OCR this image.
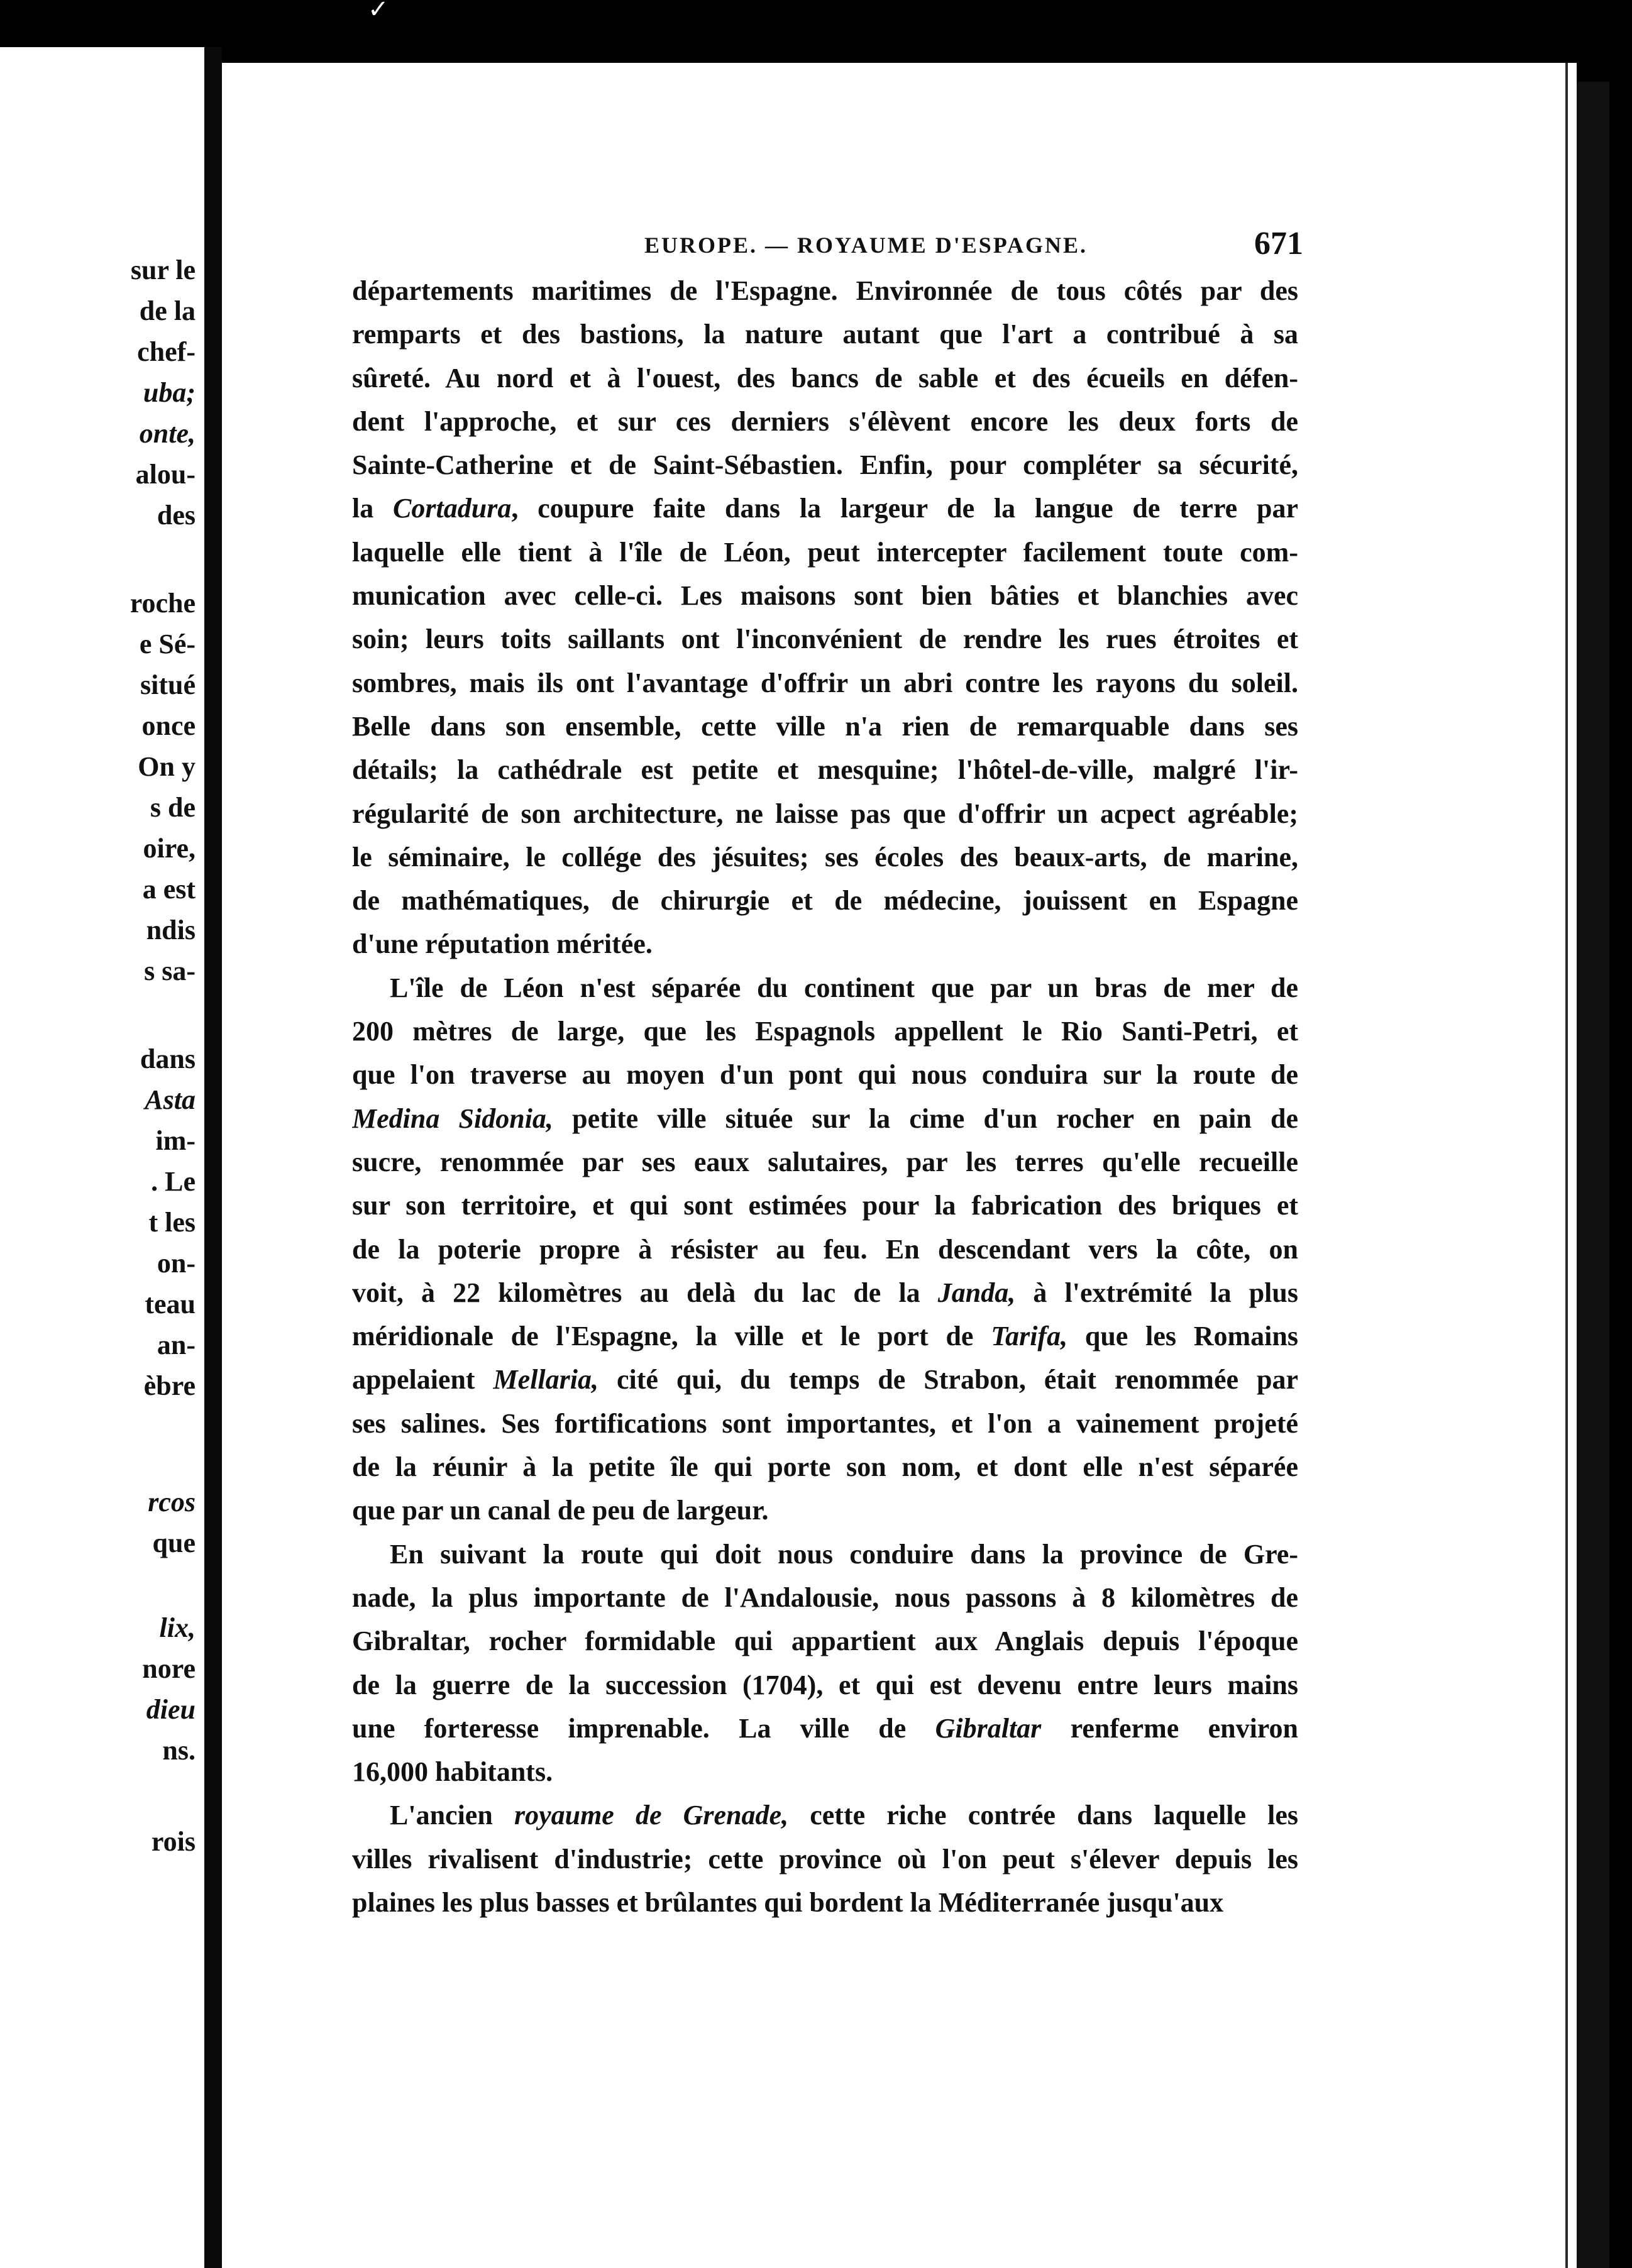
✓
sur le
de la
chef-
uba;
onte,
alou-
des
roche
e Sé-
situé
once
On y
s de
oire,
a est
ndis
s sa-
dans
Asta
im-
. Le
t les
on-
teau
an-
èbre
rcos
que
lix,
nore
dieu
ns.
rois
EUROPE. — ROYAUME D'ESPAGNE.	671
départements maritimes de l'Espagne. Environnée de tous côtés par des
remparts et des bastions, la nature autant que l'art a contribué à sa
sûreté. Au nord et à l'ouest, des bancs de sable et des écueils en défen-
dent l'approche, et sur ces derniers s'élèvent encore les deux forts de
Sainte-Catherine et de Saint-Sébastien. Enfin, pour compléter sa sécurité,
la Cortadura, coupure faite dans la largeur de la langue de terre par
laquelle elle tient à l'île de Léon, peut intercepter facilement toute com-
munication avec celle-ci. Les maisons sont bien bâties et blanchies avec
soin; leurs toits saillants ont l'inconvénient de rendre les rues étroites et
sombres, mais ils ont l'avantage d'offrir un abri contre les rayons du soleil.
Belle dans son ensemble, cette ville n'a rien de remarquable dans ses
détails; la cathédrale est petite et mesquine; l'hôtel-de-ville, malgré l'ir-
régularité de son architecture, ne laisse pas que d'offrir un acpect agréable;
le séminaire, le collége des jésuites; ses écoles des beaux-arts, de marine,
de mathématiques, de chirurgie et de médecine, jouissent en Espagne
d'une réputation méritée.
L'île de Léon n'est séparée du continent que par un bras de mer de
200 mètres de large, que les Espagnols appellent le Rio Santi-Petri, et
que l'on traverse au moyen d'un pont qui nous conduira sur la route de
Medina Sidonia, petite ville située sur la cime d'un rocher en pain de
sucre, renommée par ses eaux salutaires, par les terres qu'elle recueille
sur son territoire, et qui sont estimées pour la fabrication des briques et
de la poterie propre à résister au feu. En descendant vers la côte, on
voit, à 22 kilomètres au delà du lac de la Janda, à l'extrémité la plus
méridionale de l'Espagne, la ville et le port de Tarifa, que les Romains
appelaient Mellaria, cité qui, du temps de Strabon, était renommée par
ses salines. Ses fortifications sont importantes, et l'on a vainement projeté
de la réunir à la petite île qui porte son nom, et dont elle n'est séparée
que par un canal de peu de largeur.
En suivant la route qui doit nous conduire dans la province de Gre-
nade, la plus importante de l'Andalousie, nous passons à 8 kilomètres de
Gibraltar, rocher formidable qui appartient aux Anglais depuis l'époque
de la guerre de la succession (1704), et qui est devenu entre leurs mains
une forteresse imprenable. La ville de Gibraltar renferme environ
16,000 habitants.
L'ancien royaume de Grenade, cette riche contrée dans laquelle les
villes rivalisent d'industrie; cette province où l'on peut s'élever depuis les
plaines les plus basses et brûlantes qui bordent la Méditerranée jusqu'aux
